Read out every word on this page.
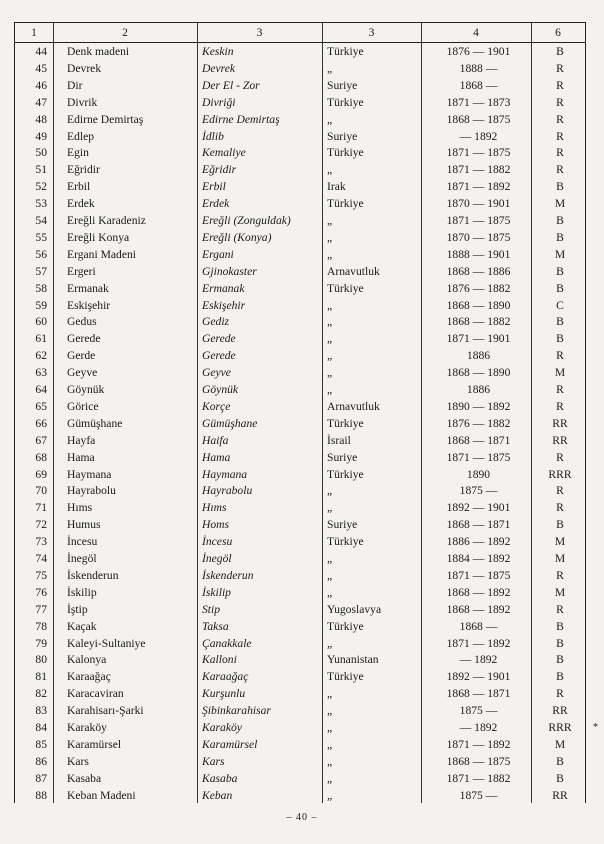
1	2	3	3	4	6
44 Denk madeni	Keskin	Türkiye	1876 — 1901	B
45 Devrek	Devrek	„	1888 —	R
46 Dir	Der El - Zor	Suriye	1868 —	R
47 Divrik	Divriği	Türkiye	1871 — 1873	R
48 Edirne Demirtaş	Edirne Demirtaş	„	1868 — 1875	R
49 Edlep	İdlib	Suriye	— 1892	R
50 Egin	Kemaliye	Türkiye	1871 — 1875	R
51 Eğridir	Eğridir	„	1871 — 1882	R
52 Erbil	Erbil	Irak	1871 — 1892	B
53 Erdek	Erdek	Türkiye	1870 — 1901	M
54 Ereğli Karadeniz	Ereğli (Zonguldak)	„	1871 — 1875	B
55 Ereğli Konya	Ereğli (Konya)	„	1870 — 1875	B
56 Ergani Madeni	Ergani	„	1888 — 1901	M
57 Ergeri	Gjinokaster	Arnavutluk	1868 — 1886	B
58 Ermanak	Ermanak	Türkiye	1876 — 1882	B
59 Eskişehir	Eskişehir	„	1868 — 1890	C
60 Gedus	Gediz	„	1868 — 1882	B
61 Gerede	Gerede	„	1871 — 1901	B
62 Gerde	Gerede	„	1886	R
63 Geyve	Geyve	„	1868 — 1890	M
64 Göynük	Göynük	„	1886	R
65 Görice	Korçe	Arnavutluk	1890 — 1892	R
66 Gümüşhane	Gümüşhane	Türkiye	1876 — 1882	RR
67 Hayfa	Haifa	İsrail	1868 — 1871	RR
68 Hama	Hama	Suriye	1871 — 1875	R
69 Haymana	Haymana	Türkiye	1890	RRR
70 Hayrabolu	Hayrabolu	„	1875 —	R
71 Hıms	Hıms	„	1892 — 1901	R
72 Humus	Homs	Suriye	1868 — 1871	B
73 İncesu	İncesu	Türkiye	1886 — 1892	M
74 İnegöl	İnegöl	„	1884 — 1892	M
75 İskenderun	İskenderun	„	1871 — 1875	R
76 İskilip	İskilip	„	1868 — 1892	M
77 İştip	Stip	Yugoslavya	1868 — 1892	R
78 Kaçak	Taksa	Türkiye	1868 —	B
79 Kaleyi-Sultaniye	Çanakkale	„	1871 — 1892	B
80 Kalonya	Kalloni	Yunanistan	— 1892	B
81 Karaağaç	Karaağaç	Türkiye	1892 — 1901	B
82 Karacaviran	Kurşunlu	„	1868 — 1871	R
83 Karahisarı-Şarki	Şibinkarahisar	„	1875 —	RR
84 Karaköy	Karaköy	„	— 1892	RRR	*
85 Karamürsel	Karamürsel	„	1871 — 1892	M
86 Kars	Kars	„	1868 — 1875	B
87 Kasaba	Kasaba	„	1871 — 1882	B
88 Keban Madeni	Keban	„	1875 —	RR
– 40 –
